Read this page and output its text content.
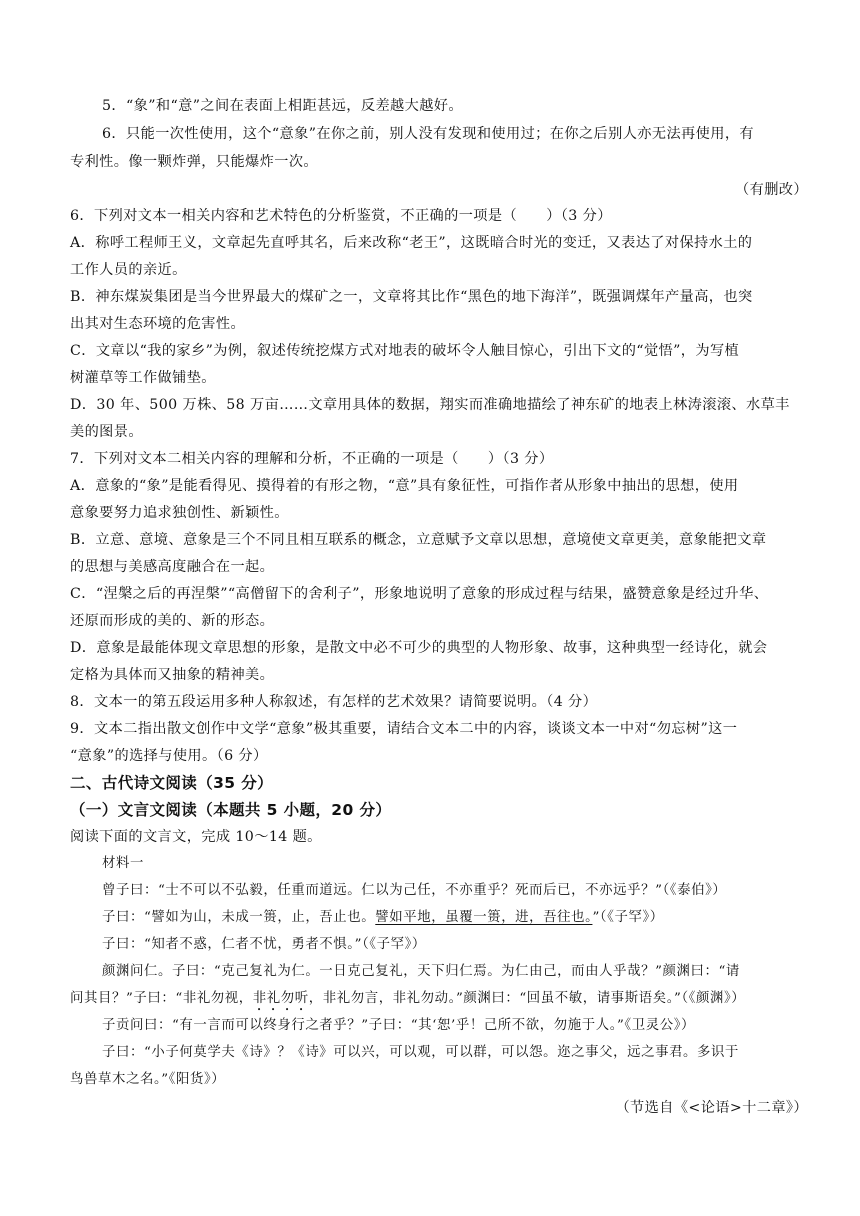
5．“象”和“意”之间在表面上相距甚远，反差越大越好。
6．只能一次性使用，这个“意象”在你之前，别人没有发现和使用过；在你之后别人亦无法再使用，有
专利性。像一颗炸弹，只能爆炸一次。
（有删改）
6．下列对文本一相关内容和艺术特色的分析鉴赏，不正确的一项是（　　）（3 分）
A．称呼工程师王义，文章起先直呼其名，后来改称“老王”，这既暗合时光的变迁，又表达了对保持水土的
工作人员的亲近。
B．神东煤炭集团是当今世界最大的煤矿之一，文章将其比作“黑色的地下海洋”，既强调煤年产量高，也突
出其对生态环境的危害性。
C．文章以“我的家乡”为例，叙述传统挖煤方式对地表的破坏令人触目惊心，引出下文的“觉悟”，为写植
树灌草等工作做铺垫。
D．30 年、500 万株、58 万亩……文章用具体的数据，翔实而准确地描绘了神东矿的地表上林涛滚滚、水草丰
美的图景。
7．下列对文本二相关内容的理解和分析，不正确的一项是（　　）（3 分）
A．意象的“象”是能看得见、摸得着的有形之物，“意”具有象征性，可指作者从形象中抽出的思想，使用
意象要努力追求独创性、新颖性。
B．立意、意境、意象是三个不同且相互联系的概念，立意赋予文章以思想，意境使文章更美，意象能把文章
的思想与美感高度融合在一起。
C．“涅槃之后的再涅槃”“高僧留下的舍利子”，形象地说明了意象的形成过程与结果，盛赞意象是经过升华、
还原而形成的美的、新的形态。
D．意象是最能体现文章思想的形象，是散文中必不可少的典型的人物形象、故事，这种典型一经诗化，就会
定格为具体而又抽象的精神美。
8．文本一的第五段运用多种人称叙述，有怎样的艺术效果？请简要说明。（4 分）
9．文本二指出散文创作中文学“意象”极其重要，请结合文本二中的内容，谈谈文本一中对“勿忘树”这一
“意象”的选择与使用。（6 分）
二、古代诗文阅读（35 分）
（一）文言文阅读（本题共 5 小题，20 分）
阅读下面的文言文，完成 10～14 题。
材料一
曾子曰：“士不可以不弘毅，任重而道远。仁以为己任，不亦重乎？死而后已，不亦远乎？”（《泰伯》）
子曰：“譬如为山，未成一篑，止，吾止也。譬如平地，虽覆一篑，进，吾往也。”（《子罕》）
子曰：“知者不惑，仁者不忧，勇者不惧。”（《子罕》）
颜渊问仁。子曰：“克己复礼为仁。一日克己复礼，天下归仁焉。为仁由己，而由人乎哉？”颜渊曰：“请
问其目？”子曰：“非礼勿视，非礼勿听，非礼勿言，非礼勿动。”颜渊曰：“回虽不敏，请事斯语矣。”（《颜渊》）
子贡问曰：“有一言而可以终身行之者乎？”子曰：“其‘恕’乎！己所不欲，勿施于人。”《卫灵公》）
子曰：“小子何莫学夫《诗》？《诗》可以兴，可以观，可以群，可以怨。迩之事父，远之事君。多识于
鸟兽草木之名。”《阳货》）
（节选自《<论语>十二章》）
